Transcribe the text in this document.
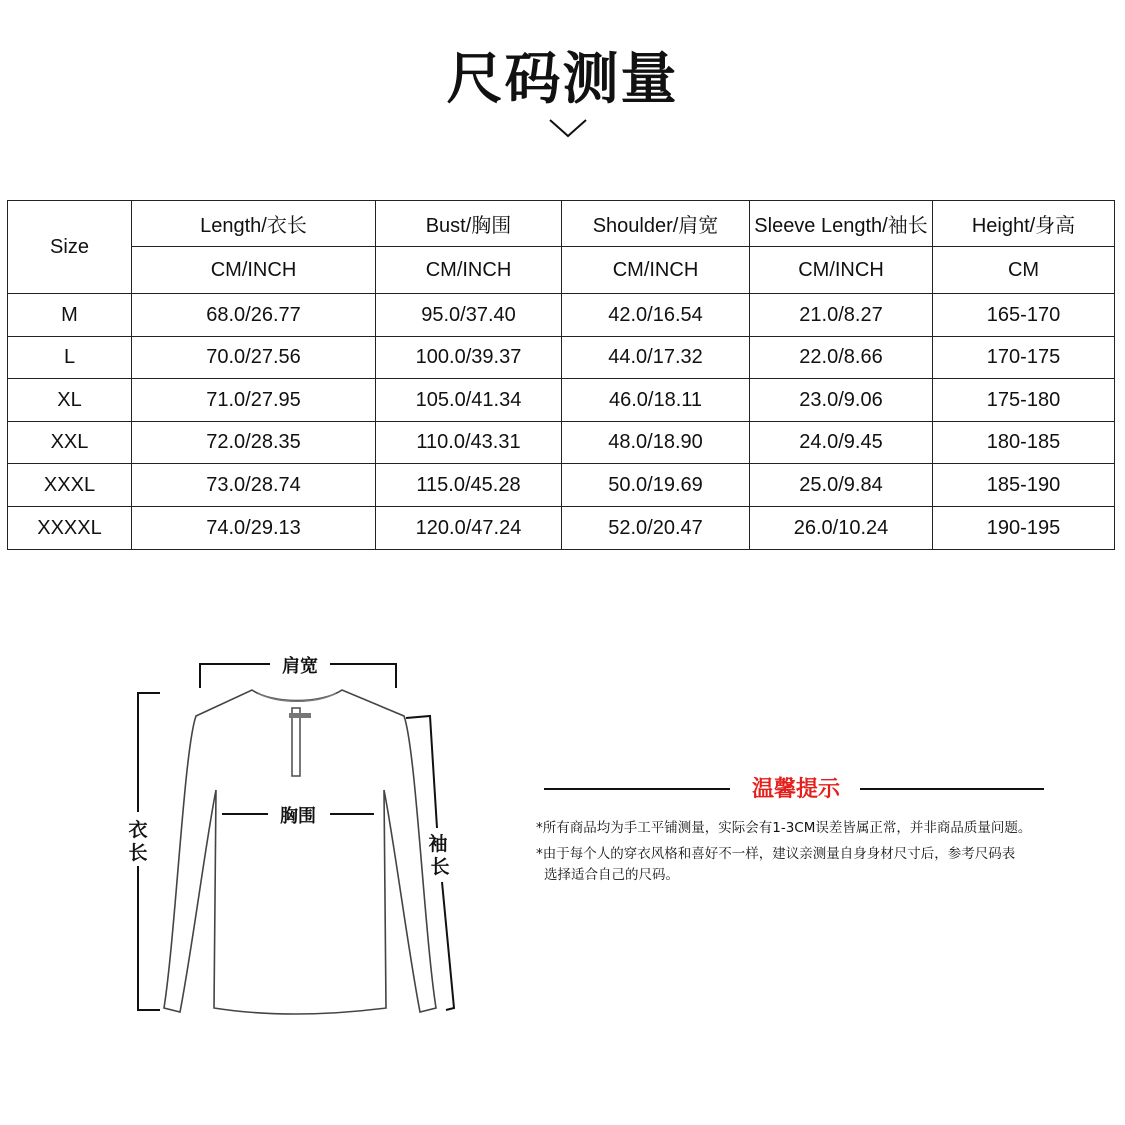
尺码测量
Size	Length/衣长	Bust/胸围	Shoulder/肩宽	Sleeve Length/袖长	Height/身高
	CM/INCH	CM/INCH	CM/INCH	CM/INCH	CM
M	68.0/26.77	95.0/37.40	42.0/16.54	21.0/8.27	165-170
L	70.0/27.56	100.0/39.37	44.0/17.32	22.0/8.66	170-175
XL	71.0/27.95	105.0/41.34	46.0/18.11	23.0/9.06	175-180
XXL	72.0/28.35	110.0/43.31	48.0/18.90	24.0/9.45	180-185
XXXL	73.0/28.74	115.0/45.28	50.0/19.69	25.0/9.84	185-190
XXXXL	74.0/29.13	120.0/47.24	52.0/20.47	26.0/10.24	190-195
肩宽
胸围
衣
长	袖
长
温馨提示
*所有商品均为手工平铺测量，实际会有1-3CM误差皆属正常，并非商品质量问题。
*由于每个人的穿衣风格和喜好不一样，建议亲测量自身身材尺寸后，参考尺码表
选择适合自己的尺码。
